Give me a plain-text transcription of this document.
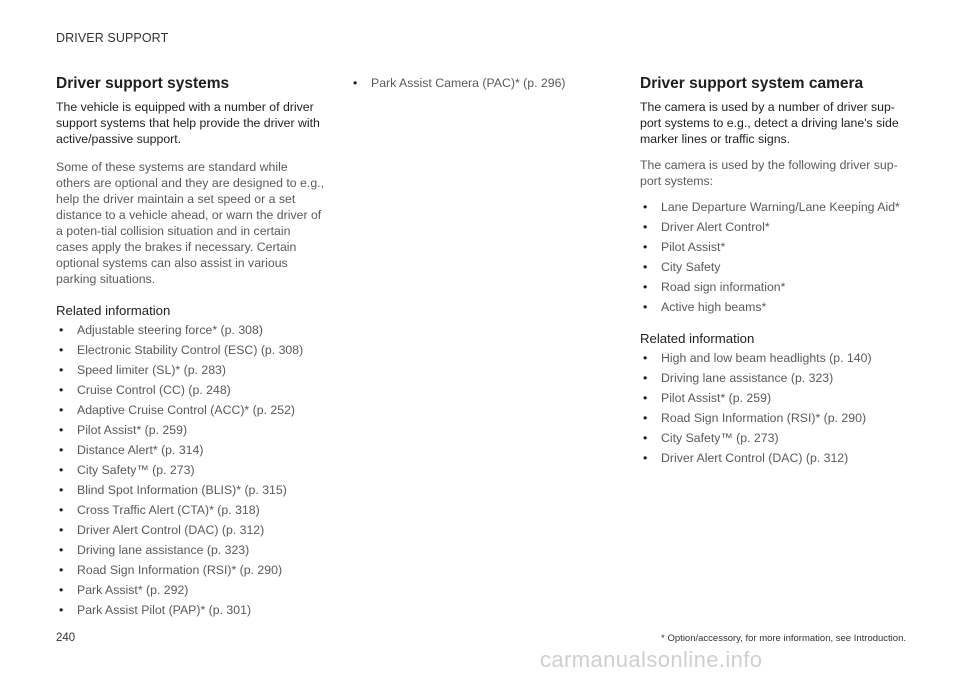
DRIVER SUPPORT
Driver support systems

The vehicle is equipped with a number of driver support systems that help provide the driver with active/passive support.

Some of these systems are standard while others are optional and they are designed to e.g., help the driver maintain a set speed or a set distance to a vehicle ahead, or warn the driver of a poten-tial collision situation and in certain cases apply the brakes if necessary. Certain optional systems can also assist in various parking situations.

Related information
• Adjustable steering force* (p. 308)
• Electronic Stability Control (ESC) (p. 308)
• Speed limiter (SL)* (p. 283)
• Cruise Control (CC) (p. 248)
• Adaptive Cruise Control (ACC)* (p. 252)
• Pilot Assist* (p. 259)
• Distance Alert* (p. 314)
• City Safety™ (p. 273)
• Blind Spot Information (BLIS)* (p. 315)
• Cross Traffic Alert (CTA)* (p. 318)
• Driver Alert Control (DAC) (p. 312)
• Driving lane assistance (p. 323)
• Road Sign Information (RSI)* (p. 290)
• Park Assist* (p. 292)
• Park Assist Pilot (PAP)* (p. 301)
• Park Assist Camera (PAC)* (p. 296)	Driver support system camera

The camera is used by a number of driver sup-port systems to e.g., detect a driving lane's side marker lines or traffic signs.

The camera is used by the following driver sup-port systems:

• Lane Departure Warning/Lane Keeping Aid*
• Driver Alert Control*
• Pilot Assist*
• City Safety
• Road sign information*
• Active high beams*
Related information
• High and low beam headlights (p. 140)
• Driving lane assistance (p. 323)
• Pilot Assist* (p. 259)
• Road Sign Information (RSI)* (p. 290)
• City Safety™ (p. 273)
• Driver Alert Control (DAC) (p. 312)
240	* Option/accessory, for more information, see Introduction.
carmanualsonline.info
